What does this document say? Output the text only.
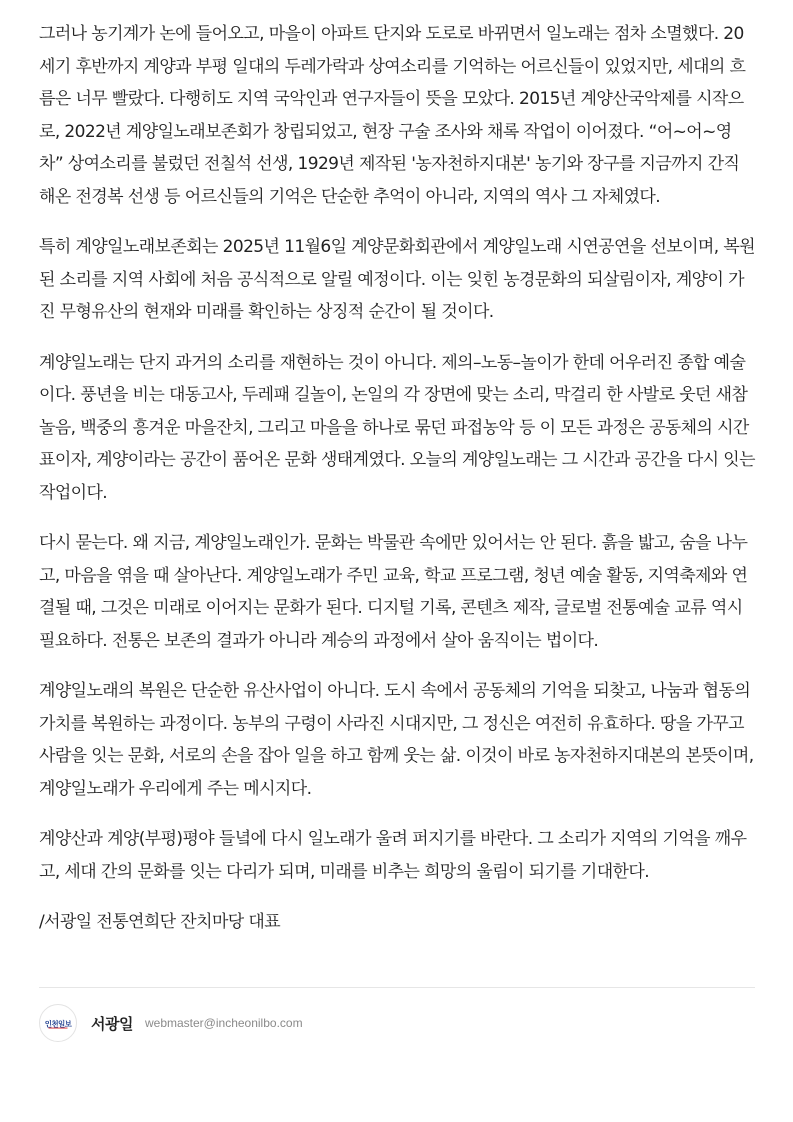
그러나 농기계가 논에 들어오고, 마을이 아파트 단지와 도로로 바뀌면서 일노래는 점차 소멸했다. 20세기 후반까지 계양과 부평 일대의 두레가락과 상여소리를 기억하는 어르신들이 있었지만, 세대의 흐름은 너무 빨랐다. 다행히도 지역 국악인과 연구자들이 뜻을 모았다. 2015년 계양산국악제를 시작으로, 2022년 계양일노래보존회가 창립되었고, 현장 구술 조사와 채록 작업이 이어졌다. “어~어~영차” 상여소리를 불렀던 전칠석 선생, 1929년 제작된 '농자천하지대본' 농기와 장구를 지금까지 간직해온 전경복 선생 등 어르신들의 기억은 단순한 추억이 아니라, 지역의 역사 그 자체였다.

특히 계양일노래보존회는 2025년 11월6일 계양문화회관에서 계양일노래 시연공연을 선보이며, 복원된 소리를 지역 사회에 처음 공식적으로 알릴 예정이다. 이는 잊힌 농경문화의 되살림이자, 계양이 가진 무형유산의 현재와 미래를 확인하는 상징적 순간이 될 것이다.

계양일노래는 단지 과거의 소리를 재현하는 것이 아니다. 제의–노동–놀이가 한데 어우러진 종합 예술이다. 풍년을 비는 대동고사, 두레패 길놀이, 논일의 각 장면에 맞는 소리, 막걸리 한 사발로 웃던 새참놀음, 백중의 흥겨운 마을잔치, 그리고 마을을 하나로 묶던 파접농악 등 이 모든 과정은 공동체의 시간표이자, 계양이라는 공간이 품어온 문화 생태계였다. 오늘의 계양일노래는 그 시간과 공간을 다시 잇는 작업이다.

다시 묻는다. 왜 지금, 계양일노래인가. 문화는 박물관 속에만 있어서는 안 된다. 흙을 밟고, 숨을 나누고, 마음을 엮을 때 살아난다. 계양일노래가 주민 교육, 학교 프로그램, 청년 예술 활동, 지역축제와 연결될 때, 그것은 미래로 이어지는 문화가 된다. 디지털 기록, 콘텐츠 제작, 글로벌 전통예술 교류 역시 필요하다. 전통은 보존의 결과가 아니라 계승의 과정에서 살아 움직이는 법이다.

계양일노래의 복원은 단순한 유산사업이 아니다. 도시 속에서 공동체의 기억을 되찾고, 나눔과 협동의 가치를 복원하는 과정이다. 농부의 구령이 사라진 시대지만, 그 정신은 여전히 유효하다. 땅을 가꾸고 사람을 잇는 문화, 서로의 손을 잡아 일을 하고 함께 웃는 삶. 이것이 바로 농자천하지대본의 본뜻이며, 계양일노래가 우리에게 주는 메시지다.

계양산과 계양(부평)평야 들녘에 다시 일노래가 울려 퍼지기를 바란다. 그 소리가 지역의 기억을 깨우고, 세대 간의 문화를 잇는 다리가 되며, 미래를 비추는 희망의 울림이 되기를 기대한다.

/서광일 전통연희단 잔치마당 대표

인천일보 서광일 webmaster@incheonilbo.com
